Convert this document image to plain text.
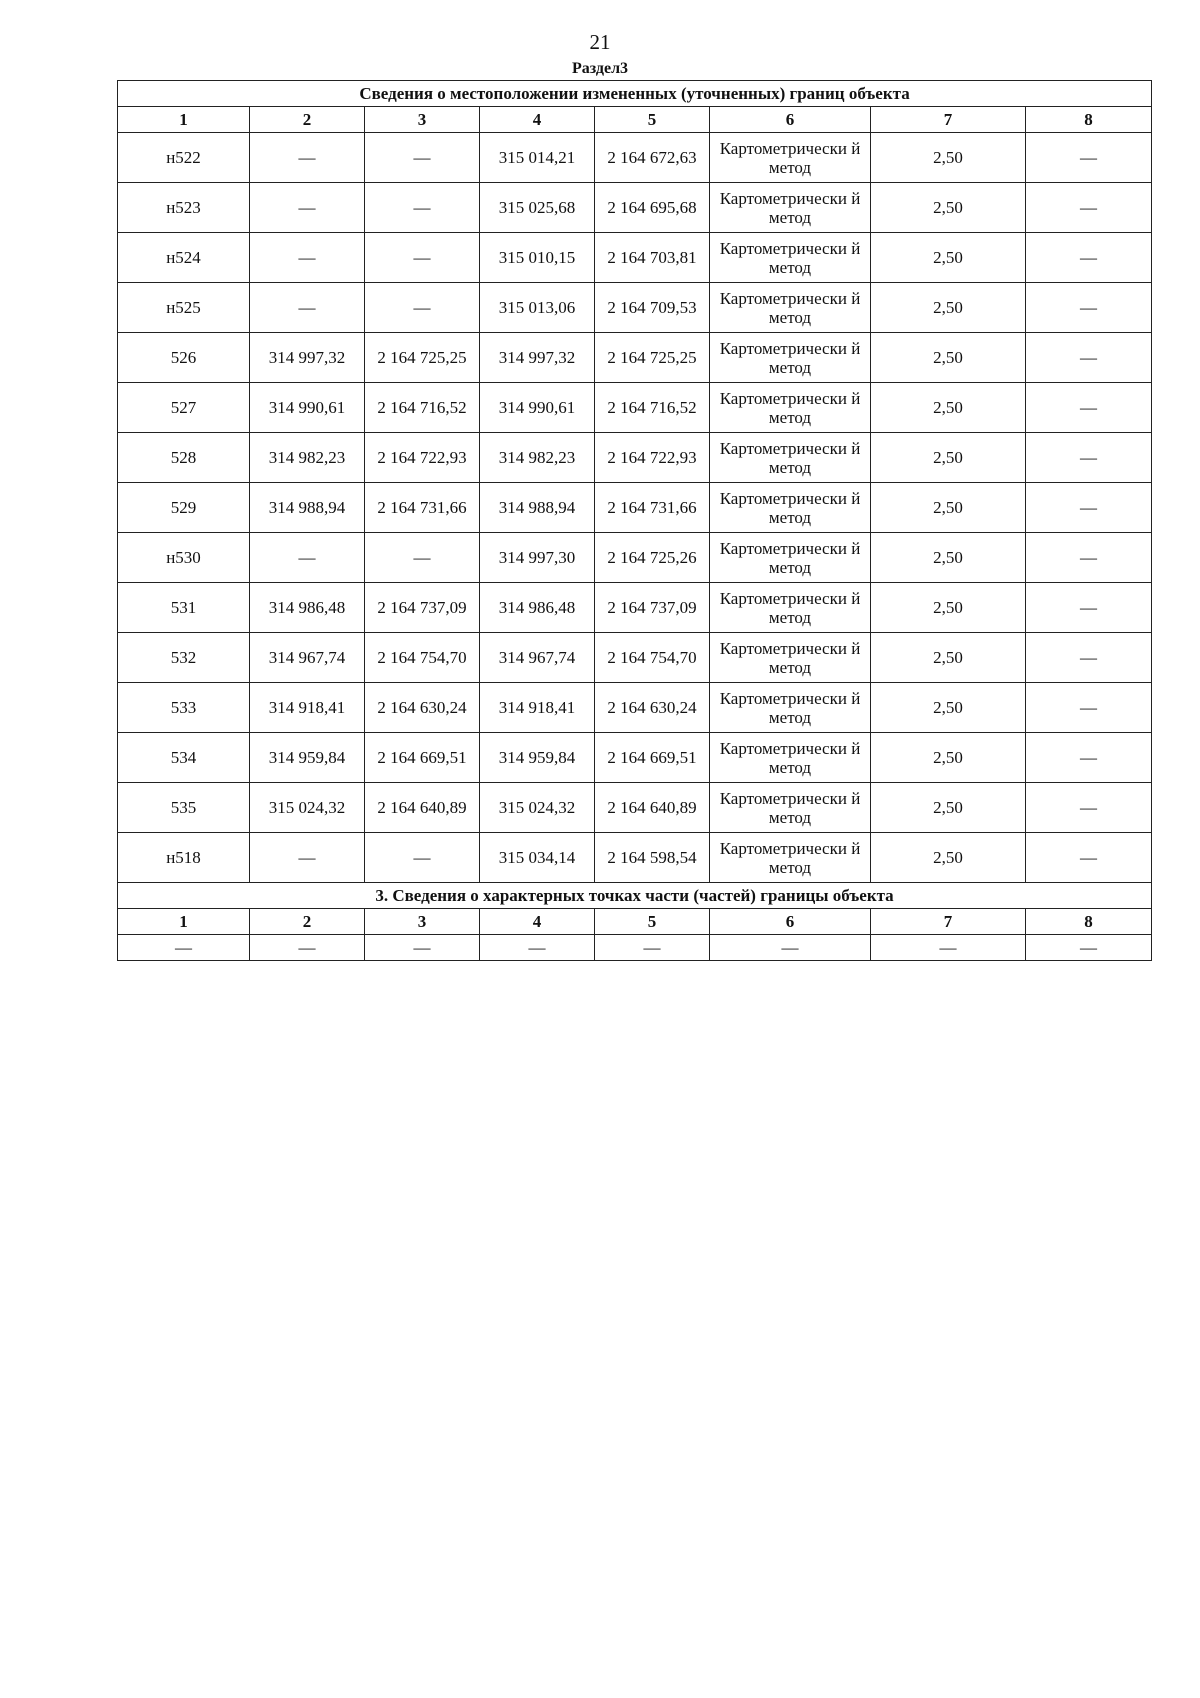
21
Раздел3
Сведения о местоположении измененных (уточненных) границ объекта							
1	2	3	4	5	6	7	8
н522	—	—	315 014,21	2 164 672,63	Картометрически й метод	2,50	—
н523	—	—	315 025,68	2 164 695,68	Картометрически й метод	2,50	—
н524	—	—	315 010,15	2 164 703,81	Картометрически й метод	2,50	—
н525	—	—	315 013,06	2 164 709,53	Картометрически й метод	2,50	—
526	314 997,32	2 164 725,25	314 997,32	2 164 725,25	Картометрически й метод	2,50	—
527	314 990,61	2 164 716,52	314 990,61	2 164 716,52	Картометрически й метод	2,50	—
528	314 982,23	2 164 722,93	314 982,23	2 164 722,93	Картометрически й метод	2,50	—
529	314 988,94	2 164 731,66	314 988,94	2 164 731,66	Картометрически й метод	2,50	—
н530	—	—	314 997,30	2 164 725,26	Картометрически й метод	2,50	—
531	314 986,48	2 164 737,09	314 986,48	2 164 737,09	Картометрически й метод	2,50	—
532	314 967,74	2 164 754,70	314 967,74	2 164 754,70	Картометрически й метод	2,50	—
533	314 918,41	2 164 630,24	314 918,41	2 164 630,24	Картометрически й метод	2,50	—
534	314 959,84	2 164 669,51	314 959,84	2 164 669,51	Картометрически й метод	2,50	—
535	315 024,32	2 164 640,89	315 024,32	2 164 640,89	Картометрически й метод	2,50	—
н518	—	—	315 034,14	2 164 598,54	Картометрически й метод	2,50	—
3. Сведения о характерных точках части (частей) границы объекта							
1	2	3	4	5	6	7	8
—	—	—	—	—	—	—	—
